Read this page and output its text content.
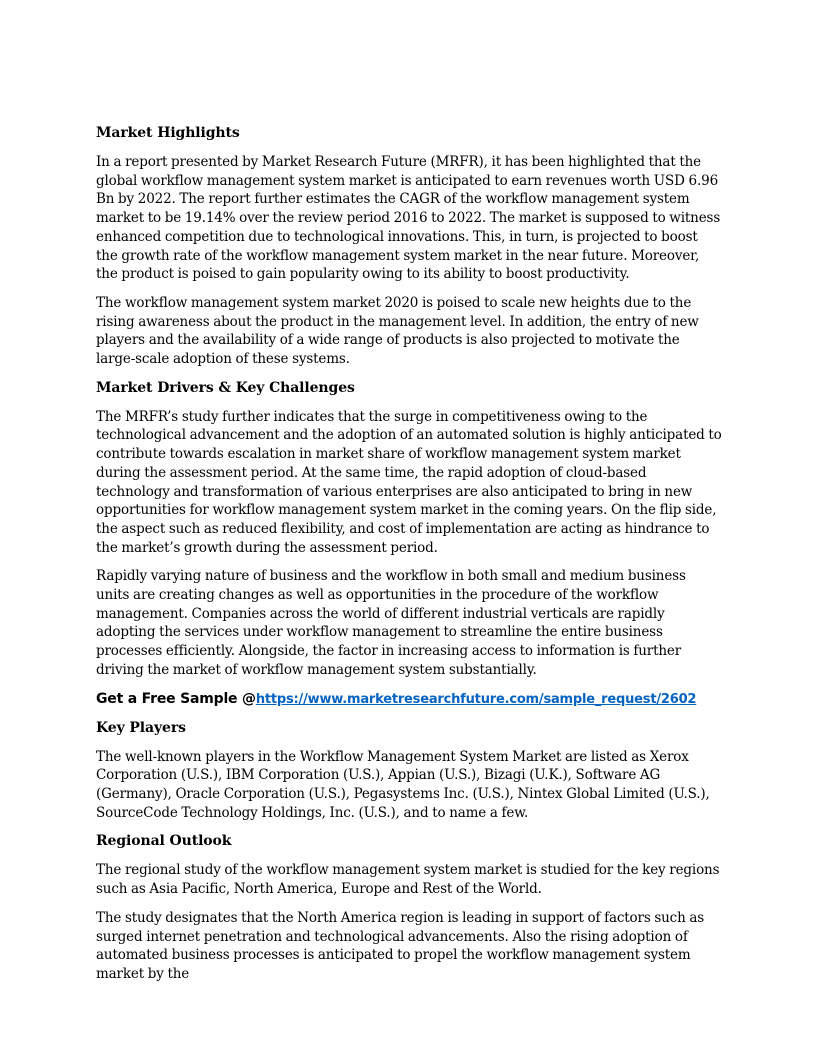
Market Highlights

In a report presented by Market Research Future (MRFR), it has been highlighted that the global workflow management system market is anticipated to earn revenues worth USD 6.96 Bn by 2022. The report further estimates the CAGR of the workflow management system market to be 19.14% over the review period 2016 to 2022. The market is supposed to witness enhanced competition due to technological innovations. This, in turn, is projected to boost the growth rate of the workflow management system market in the near future. Moreover, the product is poised to gain popularity owing to its ability to boost productivity.

The workflow management system market 2020 is poised to scale new heights due to the rising awareness about the product in the management level. In addition, the entry of new players and the availability of a wide range of products is also projected to motivate the large-scale adoption of these systems.

Market Drivers & Key Challenges

The MRFR’s study further indicates that the surge in competitiveness owing to the technological advancement and the adoption of an automated solution is highly anticipated to contribute towards escalation in market share of workflow management system market during the assessment period. At the same time, the rapid adoption of cloud-based technology and transformation of various enterprises are also anticipated to bring in new opportunities for workflow management system market in the coming years. On the flip side, the aspect such as reduced flexibility, and cost of implementation are acting as hindrance to the market’s growth during the assessment period.

Rapidly varying nature of business and the workflow in both small and medium business units are creating changes as well as opportunities in the procedure of the workflow management. Companies across the world of different industrial verticals are rapidly adopting the services under workflow management to streamline the entire business processes efficiently. Alongside, the factor in increasing access to information is further driving the market of workflow management system substantially.

Get a Free Sample @https://www.marketresearchfuture.com/sample_request/2602
Key Players

The well-known players in the Workflow Management System Market are listed as Xerox Corporation (U.S.), IBM Corporation (U.S.), Appian (U.S.), Bizagi (U.K.), Software AG (Germany), Oracle Corporation (U.S.), Pegasystems Inc. (U.S.), Nintex Global Limited (U.S.), SourceCode Technology Holdings, Inc. (U.S.), and to name a few.

Regional Outlook

The regional study of the workflow management system market is studied for the key regions such as Asia Pacific, North America, Europe and Rest of the World.

The study designates that the North America region is leading in support of factors such as surged internet penetration and technological advancements. Also the rising adoption of automated business processes is anticipated to propel the workflow management system market by the
